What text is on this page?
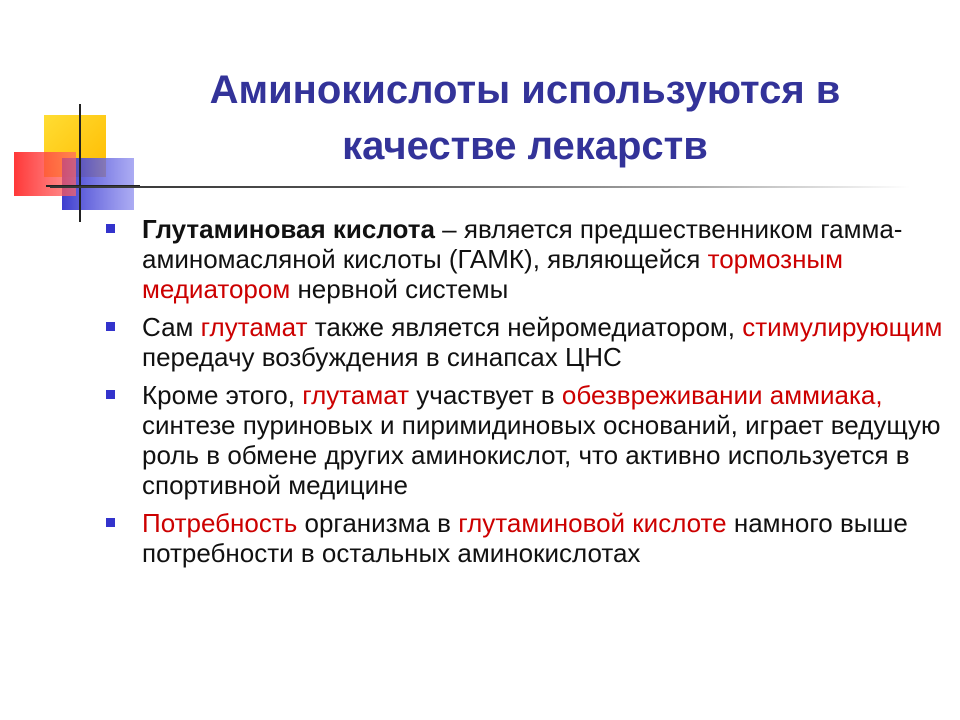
Аминокислоты используются в
качестве лекарств
Глутаминовая кислота – является предшественником гамма-аминомасляной кислоты (ГАМК), являющейся тормозным медиатором нервной системы
Сам глутамат также является нейромедиатором, стимулирующим передачу возбуждения в синапсах ЦНС
Кроме этого, глутамат участвует в обезвреживании аммиака, синтезе пуриновых и пиримидиновых оснований, играет ведущую роль в обмене других аминокислот, что активно используется в спортивной медицине
Потребность организма в глутаминовой кислоте намного выше потребности в остальных аминокислотах
